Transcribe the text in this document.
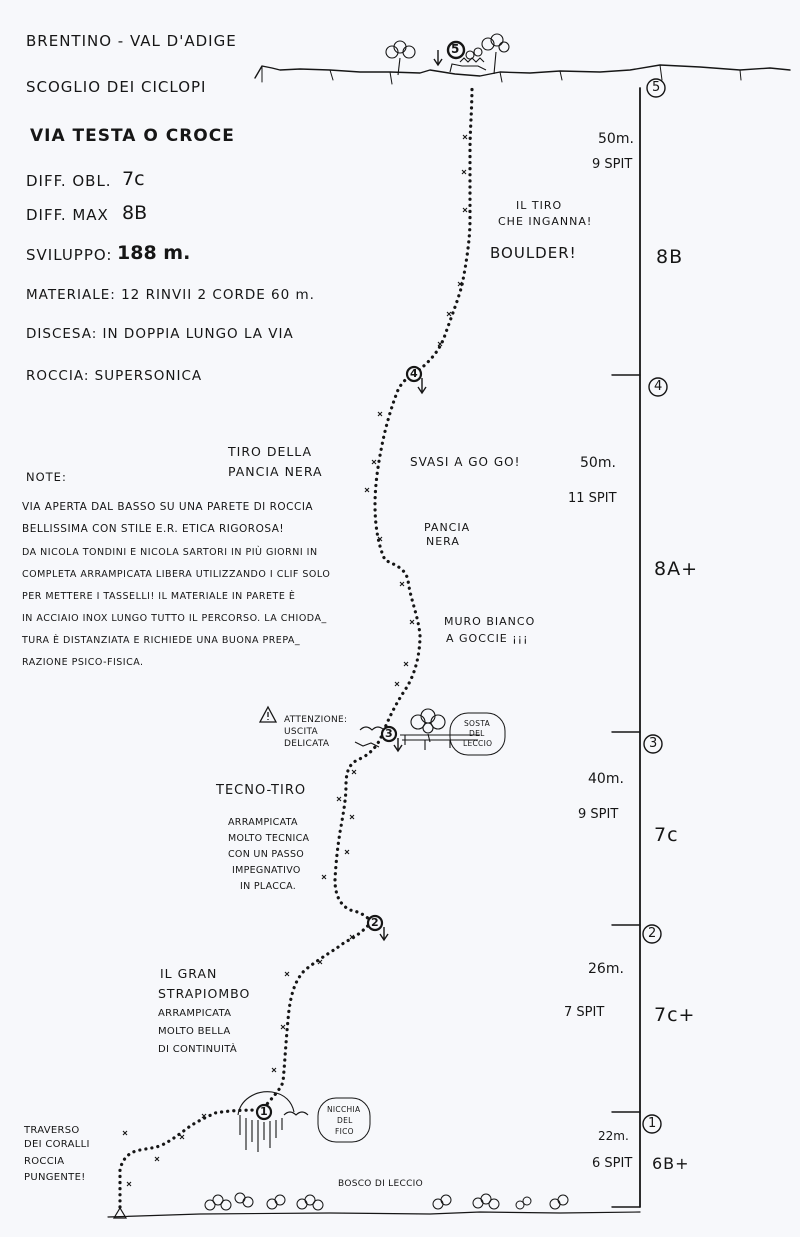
5
4
3
2
1
5
4
3
2
1
BRENTINO - VAL D'ADIGE
SCOGLIO DEI CICLOPI
VIA TESTA O CROCE
DIFF. OBL. 7c
DIFF. MAX 8B
SVILUPPO: 188 m.
MATERIALE: 12 RINVII 2 CORDE 60 m.
DISCESA: IN DOPPIA LUNGO LA VIA
ROCCIA: SUPERSONICA
NOTE:
VIA APERTA DAL BASSO SU UNA PARETE DI ROCCIA
BELLISSIMA CON STILE E.R. ETICA RIGOROSA!
DA NICOLA TONDINI E NICOLA SARTORI IN PIÙ GIORNI IN
COMPLETA ARRAMPICATA LIBERA UTILIZZANDO I CLIF SOLO
PER METTERE I TASSELLI! IL MATERIALE IN PARETE È
IN ACCIAIO INOX LUNGO TUTTO IL PERCORSO. LA CHIODA_
TURA È DISTANZIATA E RICHIEDE UNA BUONA PREPA_
RAZIONE PSICO-FISICA.
IL TIRO
CHE INGANNA!
BOULDER!
TIRO DELLA
PANCIA NERA
SVASI A GO GO!
PANCIA
NERA
MURO BIANCO
A GOCCIE ¡¡¡
ATTENZIONE:
USCITA
DELICATA
SOSTA
DEL
LECCIO
TECNO-TIRO
ARRAMPICATA
MOLTO TECNICA
CON UN PASSO
IMPEGNATIVO
IN PLACCA.
IL GRAN
STRAPIOMBO
ARRAMPICATA
MOLTO BELLA
DI CONTINUITÀ
NICCHIA
DEL
FICO
TRAVERSO
DEI CORALLI
ROCCIA
PUNGENTE!
BOSCO DI LECCIO
50m.
9 SPIT
8B
50m.
11 SPIT
8A+
40m.
9 SPIT
7c
26m.
7 SPIT	7c+
22m.
6 SPIT 6B+
